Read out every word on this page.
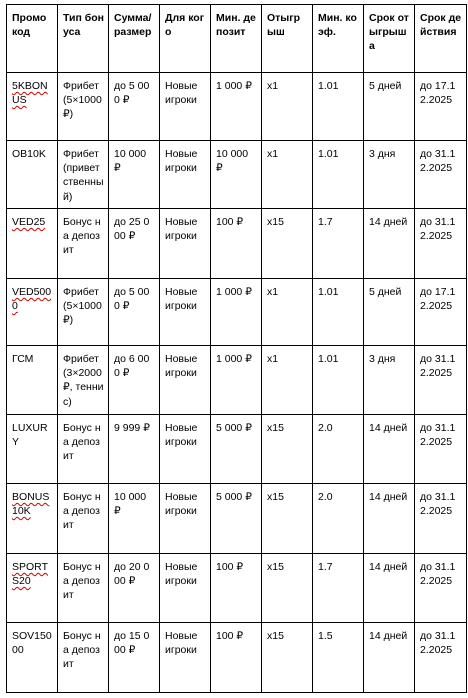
Промо код	Тип бонуса	Сумма/ размер	Для кого	Мин. депозит	Отыгрыш	Мин. коэф.	Срок отыгрыша	Срок действия
5KBONUS	Фрибет (5×1000 ₽)	до 5 000 ₽	Новые игроки	1 000 ₽	x1	1.01	5 дней	до 17.12.2025
OB10K	Фрибет (приветственный)	10 000 ₽	Новые игроки	10 000 ₽	x1	1.01	3 дня	до 31.12.2025
VED25	Бонус на депозит	до 25 000 ₽	Новые игроки	100 ₽	x15	1.7	14 дней	до 31.12.2025
VED5000	Фрибет (5×1000 ₽)	до 5 000 ₽	Новые игроки	1 000 ₽	x1	1.01	5 дней	до 17.12.2025
ГСМ	Фрибет (3×2000 ₽, теннис)	до 6 000 ₽	Новые игроки	1 000 ₽	x1	1.01	3 дня	до 31.12.2025
LUXURY	Бонус на депозит	9 999 ₽	Новые игроки	5 000 ₽	x15	2.0	14 дней	до 31.12.2025
BONUS10K	Бонус на депозит	10 000 ₽	Новые игроки	5 000 ₽	x15	2.0	14 дней	до 31.12.2025
SPORTS20	Бонус на депозит	до 20 000 ₽	Новые игроки	100 ₽	x15	1.7	14 дней	до 31.12.2025
SOV15000	Бонус на депозит	до 15 000 ₽	Новые игроки	100 ₽	x15	1.5	14 дней	до 31.12.2025
